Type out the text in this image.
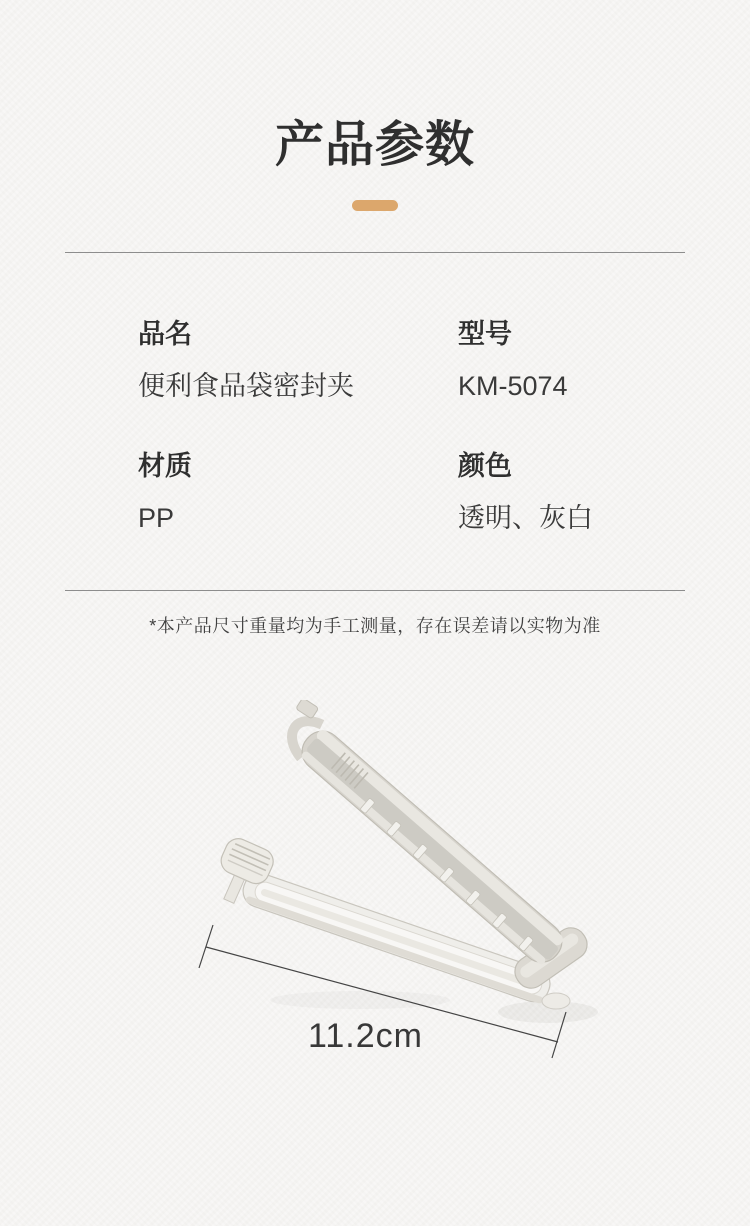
产品参数
品名
便利食品袋密封夹
型号
KM-5074
材质
PP
颜色
透明、灰白
*本产品尺寸重量均为手工测量，存在误差请以实物为准
11.2cm
